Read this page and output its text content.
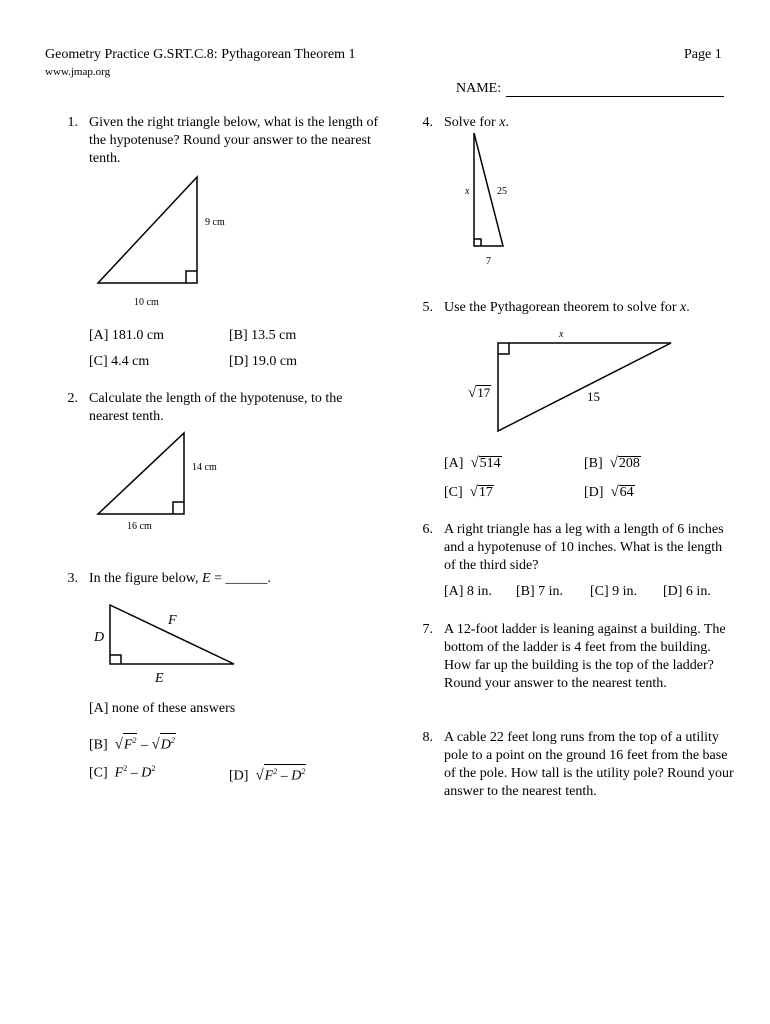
Geometry Practice G.SRT.C.8: Pythagorean Theorem 1
www.jmap.org
Page 1
NAME:
1. Given the right triangle below, what is the length of the hypotenuse? Round your answer to the nearest tenth.
9 cm
10 cm
[A] 181.0 cm	[B] 13.5 cm
[C] 4.4 cm	[D] 19.0 cm
2. Calculate the length of the hypotenuse, to the nearest tenth.
14 cm
16 cm
3. In the figure below, E = ______.
F
D
E
[A] none of these answers
[B] $√F^2 - √D^2$
[C] $F^2 - D^2$
[D] $√F^2 - D^2$
4. Solve for x.
x	25
7
5. Use the Pythagorean theorem to solve for x.
x
√17	15
[A] √514	[B] √208
[C] √17	[D] √64
6. A right triangle has a leg with a length of 6 inches and a hypotenuse of 10 inches. What is the length of the third side?
[A] 8 in. [B] 7 in. [C] 9 in. [D] 6 in.
7. A 12-foot ladder is leaning against a building. The bottom of the ladder is 4 feet from the building. How far up the building is the top of the ladder? Round your answer to the nearest tenth.
8. A cable 22 feet long runs from the top of a utility pole to a point on the ground 16 feet from the base of the pole. How tall is the utility pole? Round your answer to the nearest tenth.
